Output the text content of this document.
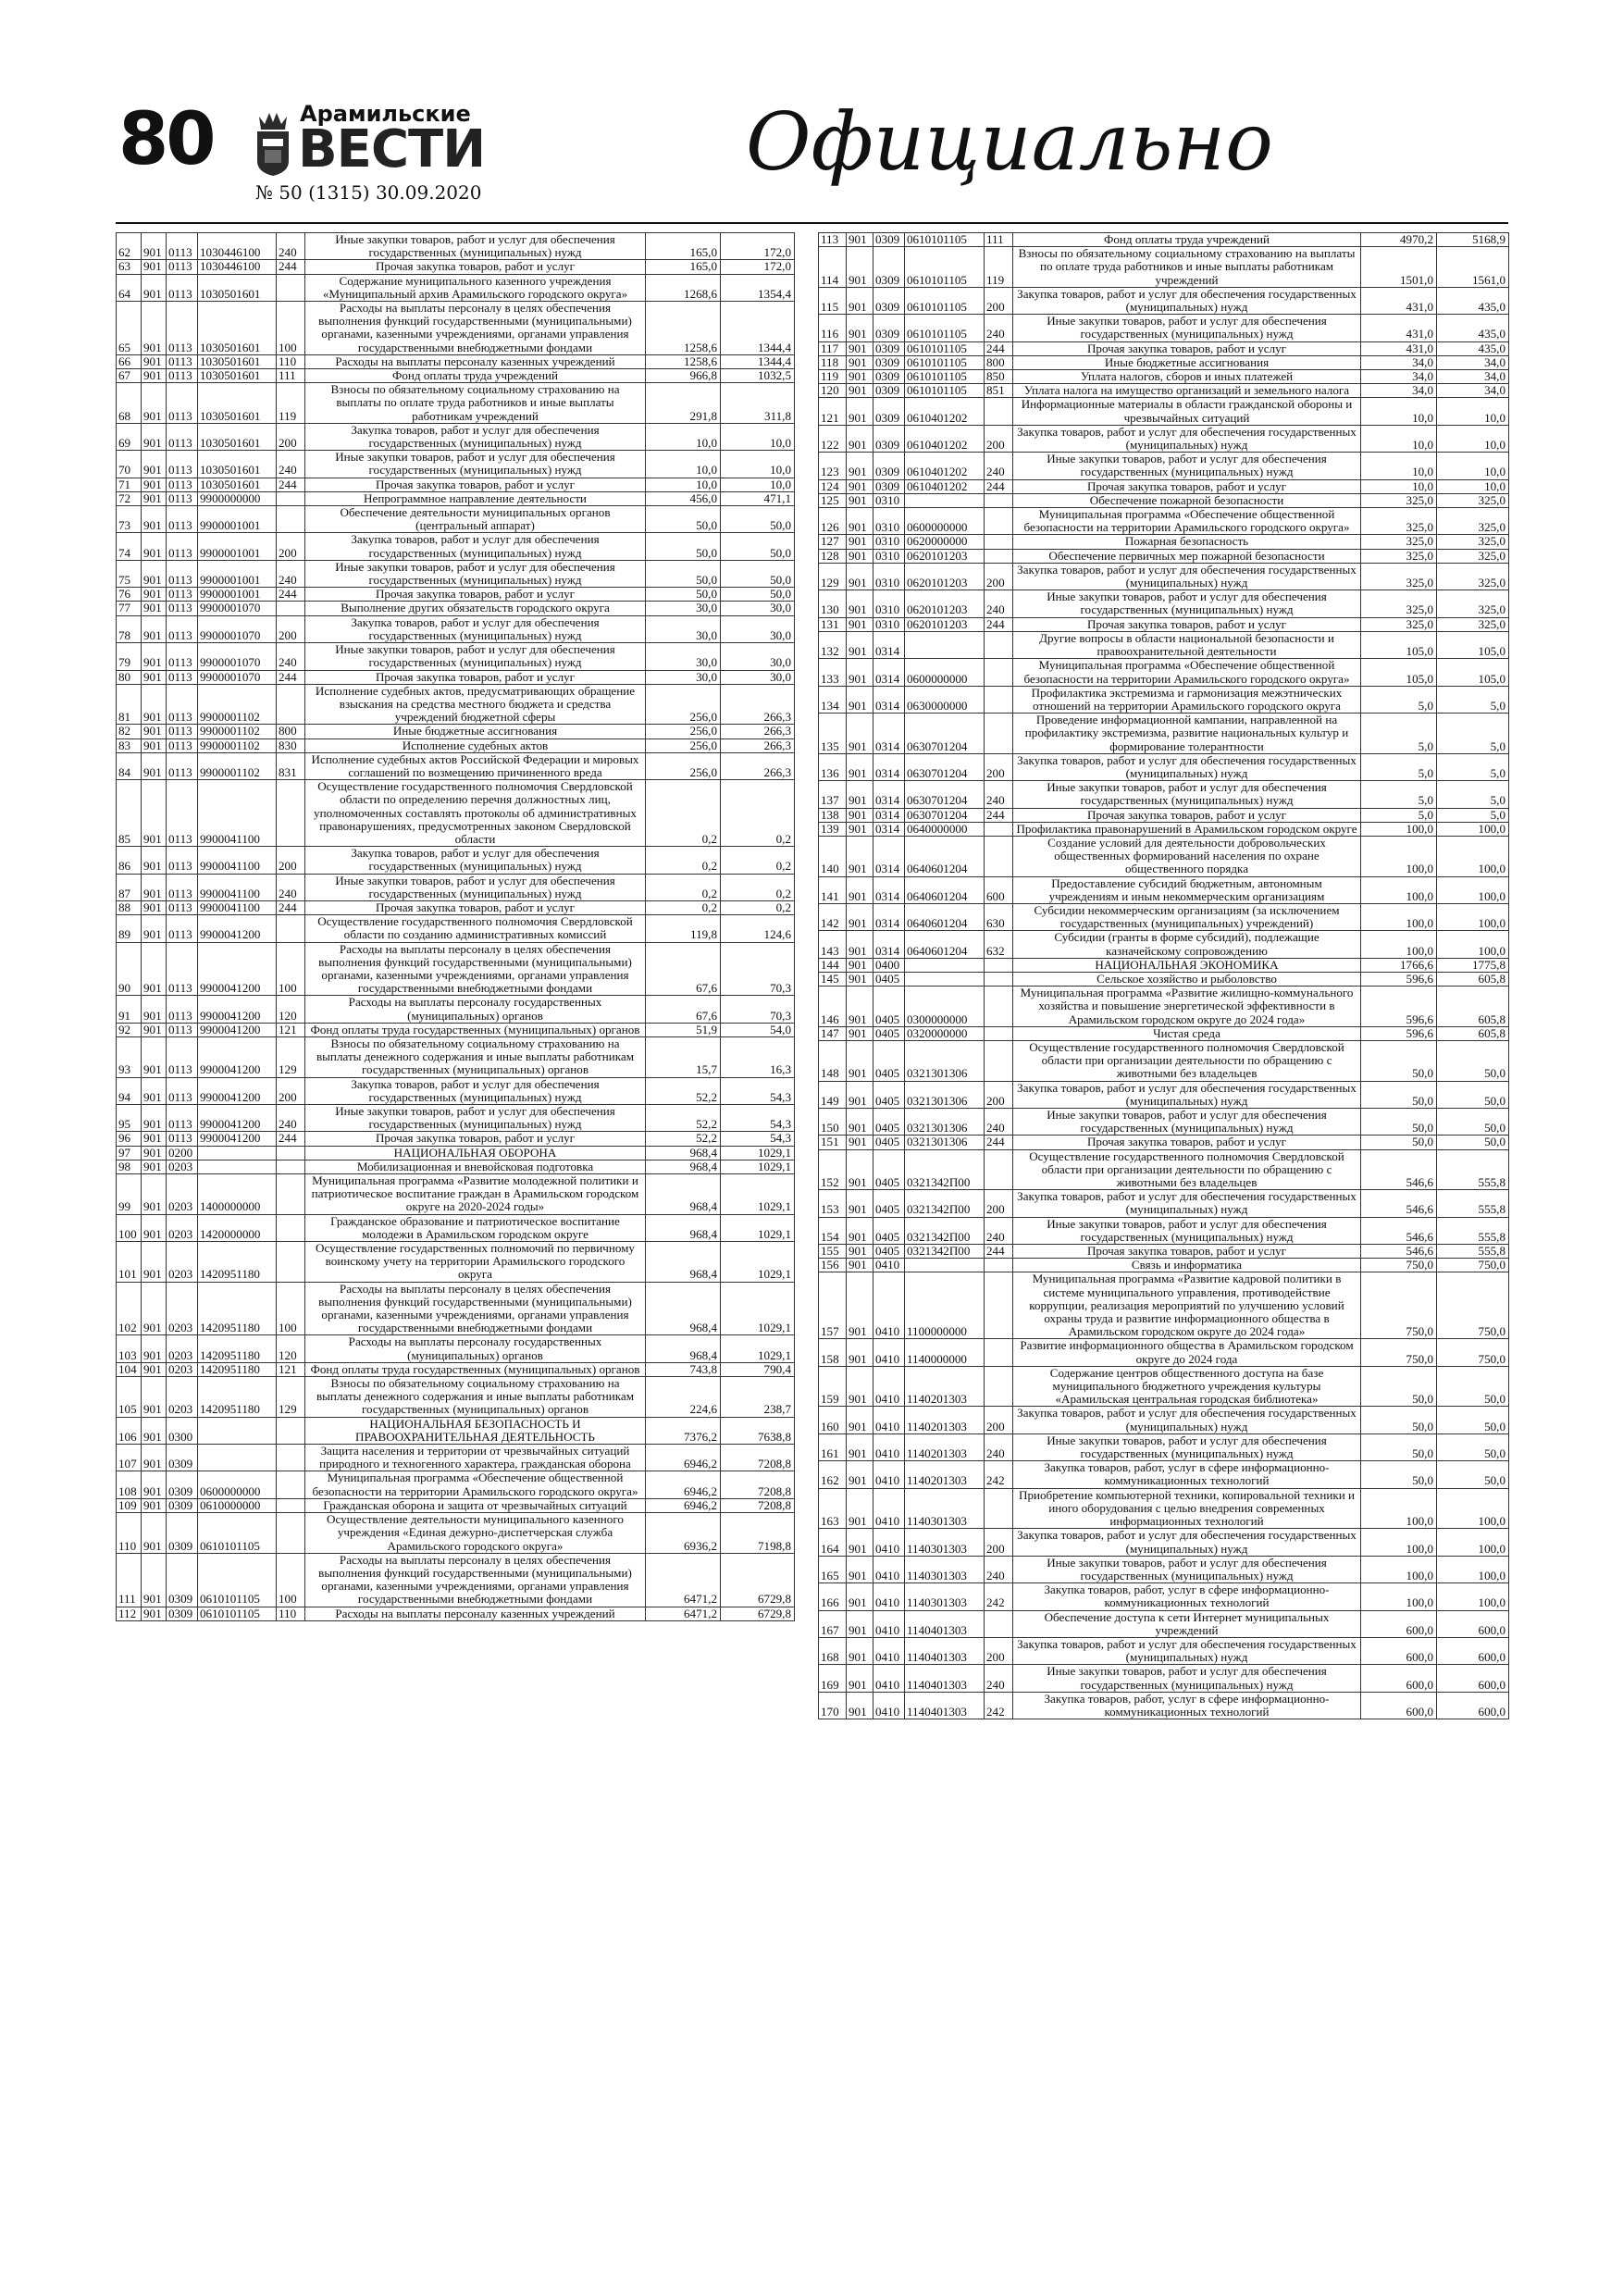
80	Арамильские
ВЕСТИ
№ 50 (1315) 30.09.2020
Официально
62	901	0113	1030446100	240	Иные закупки товаров, работ и услуг для обеспечения государственных (муниципальных) нужд	165,0	172,0
63	901	0113	1030446100	244	Прочая закупка товаров, работ и услуг	165,0	172,0
64	901	0113	1030501601		Содержание муниципального казенного учреждения «Муниципальный архив Арамильского городского округа»	1268,6	1354,4
65	901	0113	1030501601	100	Расходы на выплаты персоналу в целях обеспечения выполнения функций государственными (муниципальными) органами, казенными учреждениями, органами управления государственными внебюджетными фондами	1258,6	1344,4
66	901	0113	1030501601	110	Расходы на выплаты персоналу казенных учреждений	1258,6	1344,4
67	901	0113	1030501601	111	Фонд оплаты труда учреждений	966,8	1032,5
68	901	0113	1030501601	119	Взносы по обязательному социальному страхованию на выплаты по оплате труда работников и иные выплаты работникам учреждений	291,8	311,8
69	901	0113	1030501601	200	Закупка товаров, работ и услуг для обеспечения государственных (муниципальных) нужд	10,0	10,0
70	901	0113	1030501601	240	Иные закупки товаров, работ и услуг для обеспечения государственных (муниципальных) нужд	10,0	10,0
71	901	0113	1030501601	244	Прочая закупка товаров, работ и услуг	10,0	10,0
72	901	0113	9900000000		Непрограммное направление деятельности	456,0	471,1
73	901	0113	9900001001		Обеспечение деятельности муниципальных органов (центральный аппарат)	50,0	50,0
74	901	0113	9900001001	200	Закупка товаров, работ и услуг для обеспечения государственных (муниципальных) нужд	50,0	50,0
75	901	0113	9900001001	240	Иные закупки товаров, работ и услуг для обеспечения государственных (муниципальных) нужд	50,0	50,0
76	901	0113	9900001001	244	Прочая закупка товаров, работ и услуг	50,0	50,0
77	901	0113	9900001070		Выполнение других обязательств городского округа	30,0	30,0
78	901	0113	9900001070	200	Закупка товаров, работ и услуг для обеспечения государственных (муниципальных) нужд	30,0	30,0
79	901	0113	9900001070	240	Иные закупки товаров, работ и услуг для обеспечения государственных (муниципальных) нужд	30,0	30,0
80	901	0113	9900001070	244	Прочая закупка товаров, работ и услуг	30,0	30,0
81	901	0113	9900001102		Исполнение судебных актов, предусматривающих обращение взыскания на средства местного бюджета и средства учреждений бюджетной сферы	256,0	266,3
82	901	0113	9900001102	800	Иные бюджетные ассигнования	256,0	266,3
83	901	0113	9900001102	830	Исполнение судебных актов	256,0	266,3
84	901	0113	9900001102	831	Исполнение судебных актов Российской Федерации и мировых соглашений по возмещению причиненного вреда	256,0	266,3
85	901	0113	9900041100		Осуществление государственного полномочия Свердловской области по определению перечня должностных лиц, уполномоченных составлять протоколы об административных правонарушениях, предусмотренных законом Свердловской области	0,2	0,2
86	901	0113	9900041100	200	Закупка товаров, работ и услуг для обеспечения государственных (муниципальных) нужд	0,2	0,2
87	901	0113	9900041100	240	Иные закупки товаров, работ и услуг для обеспечения государственных (муниципальных) нужд	0,2	0,2
88	901	0113	9900041100	244	Прочая закупка товаров, работ и услуг	0,2	0,2
89	901	0113	9900041200		Осуществление государственного полномочия Свердловской области по созданию административных комиссий	119,8	124,6
90	901	0113	9900041200	100	Расходы на выплаты персоналу в целях обеспечения выполнения функций государственными (муниципальными) органами, казенными учреждениями, органами управления государственными внебюджетными фондами	67,6	70,3
91	901	0113	9900041200	120	Расходы на выплаты персоналу государственных (муниципальных) органов	67,6	70,3
92	901	0113	9900041200	121	Фонд оплаты труда государственных (муниципальных) органов	51,9	54,0
93	901	0113	9900041200	129	Взносы по обязательному социальному страхованию на выплаты денежного содержания и иные выплаты работникам государственных (муниципальных) органов	15,7	16,3
94	901	0113	9900041200	200	Закупка товаров, работ и услуг для обеспечения государственных (муниципальных) нужд	52,2	54,3
95	901	0113	9900041200	240	Иные закупки товаров, работ и услуг для обеспечения государственных (муниципальных) нужд	52,2	54,3
96	901	0113	9900041200	244	Прочая закупка товаров, работ и услуг	52,2	54,3
97	901	0200			НАЦИОНАЛЬНАЯ ОБОРОНА	968,4	1029,1
98	901	0203			Мобилизационная и вневойсковая подготовка	968,4	1029,1
99	901	0203	1400000000		Муниципальная программа «Развитие молодежной политики и патриотическое воспитание граждан в Арамильском городском округе на 2020-2024 годы»	968,4	1029,1
100	901	0203	1420000000		Гражданское образование и патриотическое воспитание молодежи в Арамильском городском округе	968,4	1029,1
101	901	0203	1420951180		Осуществление государственных полномочий по первичному воинскому учету на территории Арамильского городского округа	968,4	1029,1
102	901	0203	1420951180	100	Расходы на выплаты персоналу в целях обеспечения выполнения функций государственными (муниципальными) органами, казенными учреждениями, органами управления государственными внебюджетными фондами	968,4	1029,1
103	901	0203	1420951180	120	Расходы на выплаты персоналу государственных (муниципальных) органов	968,4	1029,1
104	901	0203	1420951180	121	Фонд оплаты труда государственных (муниципальных) органов	743,8	790,4
105	901	0203	1420951180	129	Взносы по обязательному социальному страхованию на выплаты денежного содержания и иные выплаты работникам государственных (муниципальных) органов	224,6	238,7
106	901	0300			НАЦИОНАЛЬНАЯ БЕЗОПАСНОСТЬ И ПРАВООХРАНИТЕЛЬНАЯ ДЕЯТЕЛЬНОСТЬ	7376,2	7638,8
107	901	0309			Защита населения и территории от чрезвычайных ситуаций природного и техногенного характера, гражданская оборона	6946,2	7208,8
108	901	0309	0600000000		Муниципальная программа «Обеспечение общественной безопасности на территории Арамильского городского округа»	6946,2	7208,8
109	901	0309	0610000000		Гражданская оборона и защита от чрезвычайных ситуаций	6946,2	7208,8
110	901	0309	0610101105		Осуществление деятельности муниципального казенного учреждения «Единая дежурно-диспетчерская служба Арамильского городского округа»	6936,2	7198,8
111	901	0309	0610101105	100	Расходы на выплаты персоналу в целях обеспечения выполнения функций государственными (муниципальными) органами, казенными учреждениями, органами управления государственными внебюджетными фондами	6471,2	6729,8
112	901	0309	0610101105	110	Расходы на выплаты персоналу казенных учреждений	6471,2	6729,8
113	901	0309	0610101105	111	Фонд оплаты труда учреждений	4970,2	5168,9
114	901	0309	0610101105	119	Взносы по обязательному социальному страхованию на выплаты по оплате труда работников и иные выплаты работникам учреждений	1501,0	1561,0
115	901	0309	0610101105	200	Закупка товаров, работ и услуг для обеспечения государственных (муниципальных) нужд	431,0	435,0
116	901	0309	0610101105	240	Иные закупки товаров, работ и услуг для обеспечения государственных (муниципальных) нужд	431,0	435,0
117	901	0309	0610101105	244	Прочая закупка товаров, работ и услуг	431,0	435,0
118	901	0309	0610101105	800	Иные бюджетные ассигнования	34,0	34,0
119	901	0309	0610101105	850	Уплата налогов, сборов и иных платежей	34,0	34,0
120	901	0309	0610101105	851	Уплата налога на имущество организаций и земельного налога	34,0	34,0
121	901	0309	0610401202		Информационные материалы в области гражданской обороны и чрезвычайных ситуаций	10,0	10,0
122	901	0309	0610401202	200	Закупка товаров, работ и услуг для обеспечения государственных (муниципальных) нужд	10,0	10,0
123	901	0309	0610401202	240	Иные закупки товаров, работ и услуг для обеспечения государственных (муниципальных) нужд	10,0	10,0
124	901	0309	0610401202	244	Прочая закупка товаров, работ и услуг	10,0	10,0
125	901	0310			Обеспечение пожарной безопасности	325,0	325,0
126	901	0310	0600000000		Муниципальная программа «Обеспечение общественной безопасности на территории Арамильского городского округа»	325,0	325,0
127	901	0310	0620000000		Пожарная безопасность	325,0	325,0
128	901	0310	0620101203		Обеспечение первичных мер пожарной безопасности	325,0	325,0
129	901	0310	0620101203	200	Закупка товаров, работ и услуг для обеспечения государственных (муниципальных) нужд	325,0	325,0
130	901	0310	0620101203	240	Иные закупки товаров, работ и услуг для обеспечения государственных (муниципальных) нужд	325,0	325,0
131	901	0310	0620101203	244	Прочая закупка товаров, работ и услуг	325,0	325,0
132	901	0314			Другие вопросы в области национальной безопасности и правоохранительной деятельности	105,0	105,0
133	901	0314	0600000000		Муниципальная программа «Обеспечение общественной безопасности на территории Арамильского городского округа»	105,0	105,0
134	901	0314	0630000000		Профилактика экстремизма и гармонизация межэтнических отношений на территории Арамильского городского округа	5,0	5,0
135	901	0314	0630701204		Проведение информационной кампании, направленной на профилактику экстремизма, развитие национальных культур и формирование толерантности	5,0	5,0
136	901	0314	0630701204	200	Закупка товаров, работ и услуг для обеспечения государственных (муниципальных) нужд	5,0	5,0
137	901	0314	0630701204	240	Иные закупки товаров, работ и услуг для обеспечения государственных (муниципальных) нужд	5,0	5,0
138	901	0314	0630701204	244	Прочая закупка товаров, работ и услуг	5,0	5,0
139	901	0314	0640000000		Профилактика правонарушений в Арамильском городском округе	100,0	100,0
140	901	0314	0640601204		Создание условий для деятельности добровольческих общественных формирований населения по охране общественного порядка	100,0	100,0
141	901	0314	0640601204	600	Предоставление субсидий бюджетным, автономным учреждениям и иным некоммерческим организациям	100,0	100,0
142	901	0314	0640601204	630	Субсидии некоммерческим организациям (за исключением государственных (муниципальных) учреждений)	100,0	100,0
143	901	0314	0640601204	632	Субсидии (гранты в форме субсидий), подлежащие казначейскому сопровождению	100,0	100,0
144	901	0400			НАЦИОНАЛЬНАЯ ЭКОНОМИКА	1766,6	1775,8
145	901	0405			Сельское хозяйство и рыболовство	596,6	605,8
146	901	0405	0300000000		Муниципальная программа «Развитие жилищно-коммунального хозяйства и повышение энергетической эффективности в Арамильском городском округе до 2024 года»	596,6	605,8
147	901	0405	0320000000		Чистая среда	596,6	605,8
148	901	0405	0321301306		Осуществление государственного полномочия Свердловской области при организации деятельности по обращению с животными без владельцев	50,0	50,0
149	901	0405	0321301306	200	Закупка товаров, работ и услуг для обеспечения государственных (муниципальных) нужд	50,0	50,0
150	901	0405	0321301306	240	Иные закупки товаров, работ и услуг для обеспечения государственных (муниципальных) нужд	50,0	50,0
151	901	0405	0321301306	244	Прочая закупка товаров, работ и услуг	50,0	50,0
152	901	0405	0321342П00		Осуществление государственного полномочия Свердловской области при организации деятельности по обращению с животными без владельцев	546,6	555,8
153	901	0405	0321342П00	200	Закупка товаров, работ и услуг для обеспечения государственных (муниципальных) нужд	546,6	555,8
154	901	0405	0321342П00	240	Иные закупки товаров, работ и услуг для обеспечения государственных (муниципальных) нужд	546,6	555,8
155	901	0405	0321342П00	244	Прочая закупка товаров, работ и услуг	546,6	555,8
156	901	0410			Связь и информатика	750,0	750,0
157	901	0410	1100000000		Муниципальная программа «Развитие кадровой политики в системе муниципального управления, противодействие коррупции, реализация мероприятий по улучшению условий охраны труда и развитие информационного общества в Арамильском городском округе до 2024 года»	750,0	750,0
158	901	0410	1140000000		Развитие информационного общества в Арамильском городском округе до 2024 года	750,0	750,0
159	901	0410	1140201303		Содержание центров общественного доступа на базе муниципального бюджетного учреждения культуры «Арамильская центральная городская библиотека»	50,0	50,0
160	901	0410	1140201303	200	Закупка товаров, работ и услуг для обеспечения государственных (муниципальных) нужд	50,0	50,0
161	901	0410	1140201303	240	Иные закупки товаров, работ и услуг для обеспечения государственных (муниципальных) нужд	50,0	50,0
162	901	0410	1140201303	242	Закупка товаров, работ, услуг в сфере информационно-коммуникационных технологий	50,0	50,0
163	901	0410	1140301303		Приобретение компьютерной техники, копировальной техники и иного оборудования с целью внедрения современных информационных технологий	100,0	100,0
164	901	0410	1140301303	200	Закупка товаров, работ и услуг для обеспечения государственных (муниципальных) нужд	100,0	100,0
165	901	0410	1140301303	240	Иные закупки товаров, работ и услуг для обеспечения государственных (муниципальных) нужд	100,0	100,0
166	901	0410	1140301303	242	Закупка товаров, работ, услуг в сфере информационно-коммуникационных технологий	100,0	100,0
167	901	0410	1140401303		Обеспечение доступа к сети Интернет муниципальных учреждений	600,0	600,0
168	901	0410	1140401303	200	Закупка товаров, работ и услуг для обеспечения государственных (муниципальных) нужд	600,0	600,0
169	901	0410	1140401303	240	Иные закупки товаров, работ и услуг для обеспечения государственных (муниципальных) нужд	600,0	600,0
170	901	0410	1140401303	242	Закупка товаров, работ, услуг в сфере информационно-коммуникационных технологий	600,0	600,0
